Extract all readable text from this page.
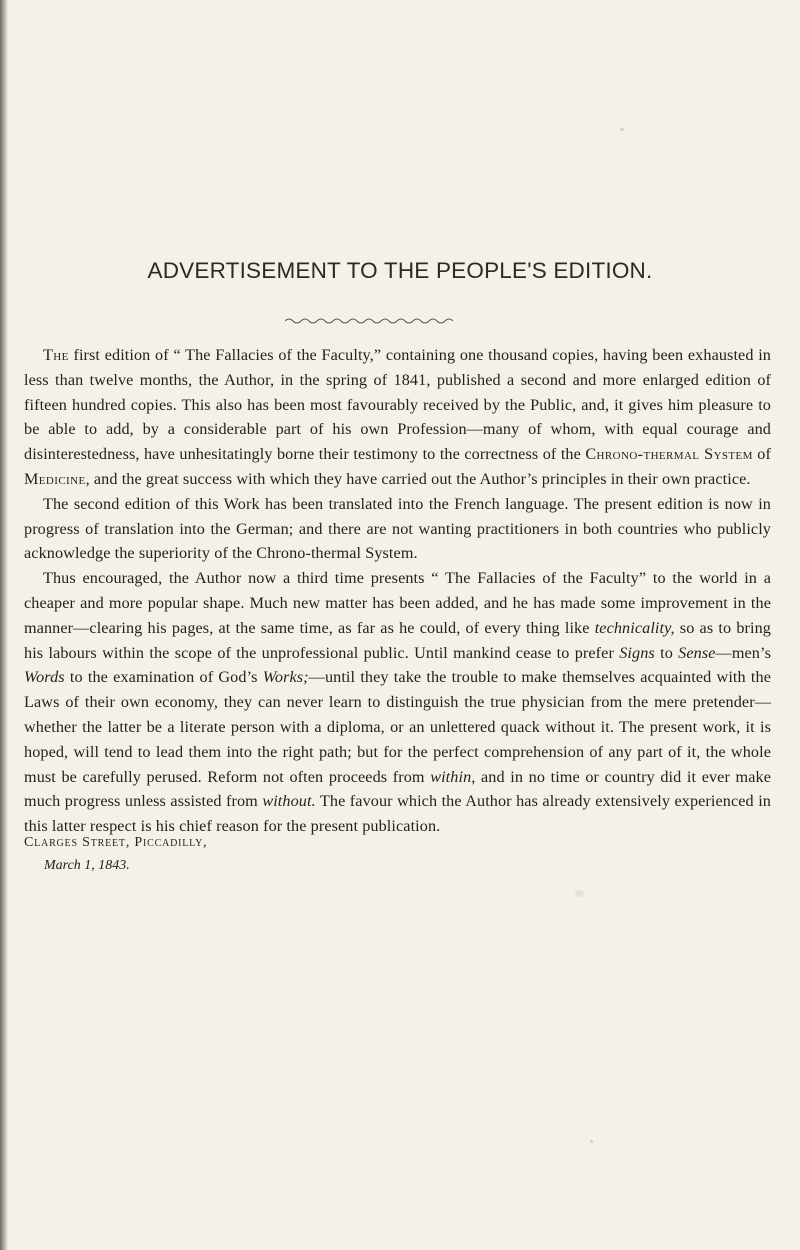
ADVERTISEMENT TO THE PEOPLE'S EDITION.

The first edition of “ The Fallacies of the Faculty,” containing one thousand copies, having been exhausted in less than twelve months, the Author, in the spring of 1841, published a second and more enlarged edition of fifteen hundred copies. This also has been most favourably received by the Public, and, it gives him pleasure to be able to add, by a considerable part of his own Profession—many of whom, with equal courage and disinterestedness, have unhesitatingly borne their testimony to the correctness of the Chrono-thermal System of Medicine, and the great success with which they have carried out the Author’s principles in their own practice.

The second edition of this Work has been translated into the French language. The present edition is now in progress of translation into the German; and there are not wanting practitioners in both countries who publicly acknowledge the superiority of the Chrono-thermal System.

Thus encouraged, the Author now a third time presents “ The Fallacies of the Faculty” to the world in a cheaper and more popular shape. Much new matter has been added, and he has made some improvement in the manner—clearing his pages, at the same time, as far as he could, of every thing like technicality, so as to bring his labours within the scope of the unprofessional public. Until mankind cease to prefer Signs to Sense—men’s Words to the examination of God’s Works;—until they take the trouble to make themselves acquainted with the Laws of their own economy, they can never learn to distinguish the true physician from the mere pretender—whether the latter be a literate person with a diploma, or an unlettered quack without it. The present work, it is hoped, will tend to lead them into the right path; but for the perfect comprehension of any part of it, the whole must be carefully perused. Reform not often proceeds from within, and in no time or country did it ever make much progress unless assisted from without. The favour which the Author has already extensively experienced in this latter respect is his chief reason for the present publication.

Clarges Street, Piccadilly,
March 1, 1843.
